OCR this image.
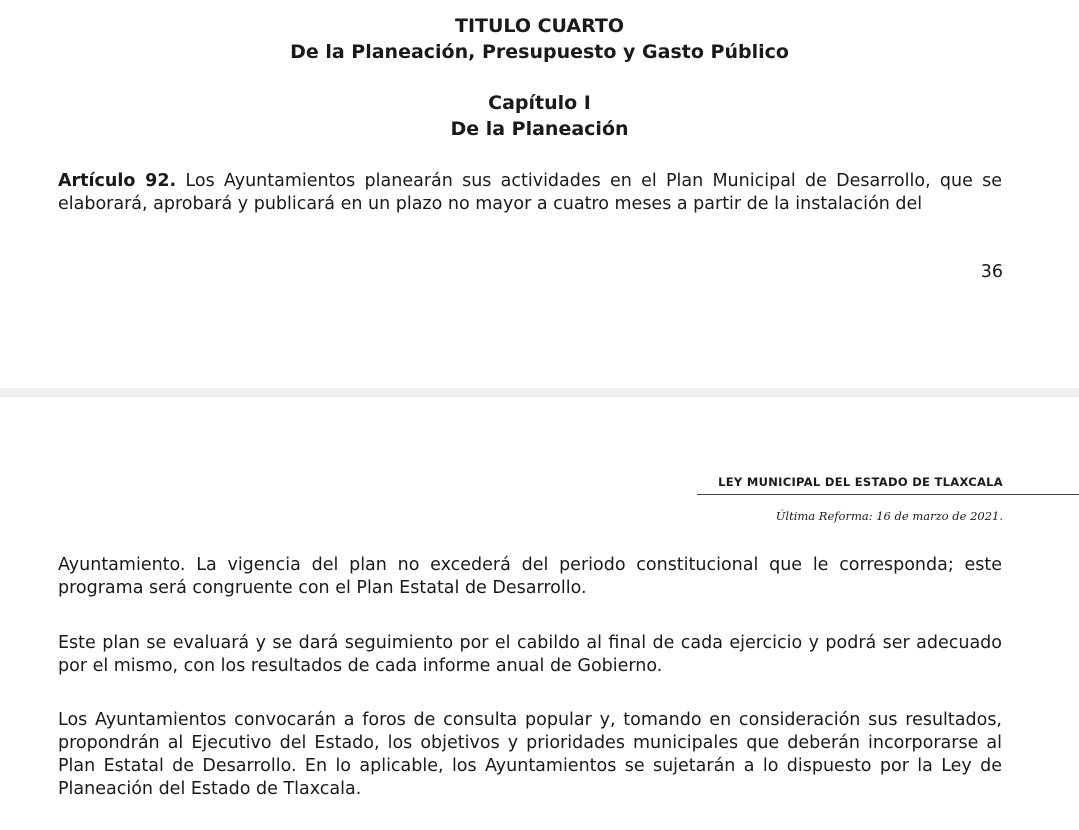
TITULO CUARTO
De la Planeación, Presupuesto y Gasto Público
Capítulo I
De la Planeación

Artículo 92. Los Ayuntamientos planearán sus actividades en el Plan Municipal de Desarrollo, que se elaborará, aprobará y publicará en un plazo no mayor a cuatro meses a partir de la instalación del

36

LEY MUNICIPAL DEL ESTADO DE TLAXCALA

Última Reforma: 16 de marzo de 2021.

Ayuntamiento. La vigencia del plan no excederá del periodo constitucional que le corresponda; este programa será congruente con el Plan Estatal de Desarrollo.

Este plan se evaluará y se dará seguimiento por el cabildo al final de cada ejercicio y podrá ser adecuado por el mismo, con los resultados de cada informe anual de Gobierno.

Los Ayuntamientos convocarán a foros de consulta popular y, tomando en consideración sus resultados, propondrán al Ejecutivo del Estado, los objetivos y prioridades municipales que deberán incorporarse al Plan Estatal de Desarrollo. En lo aplicable, los Ayuntamientos se sujetarán a lo dispuesto por la Ley de Planeación del Estado de Tlaxcala.
